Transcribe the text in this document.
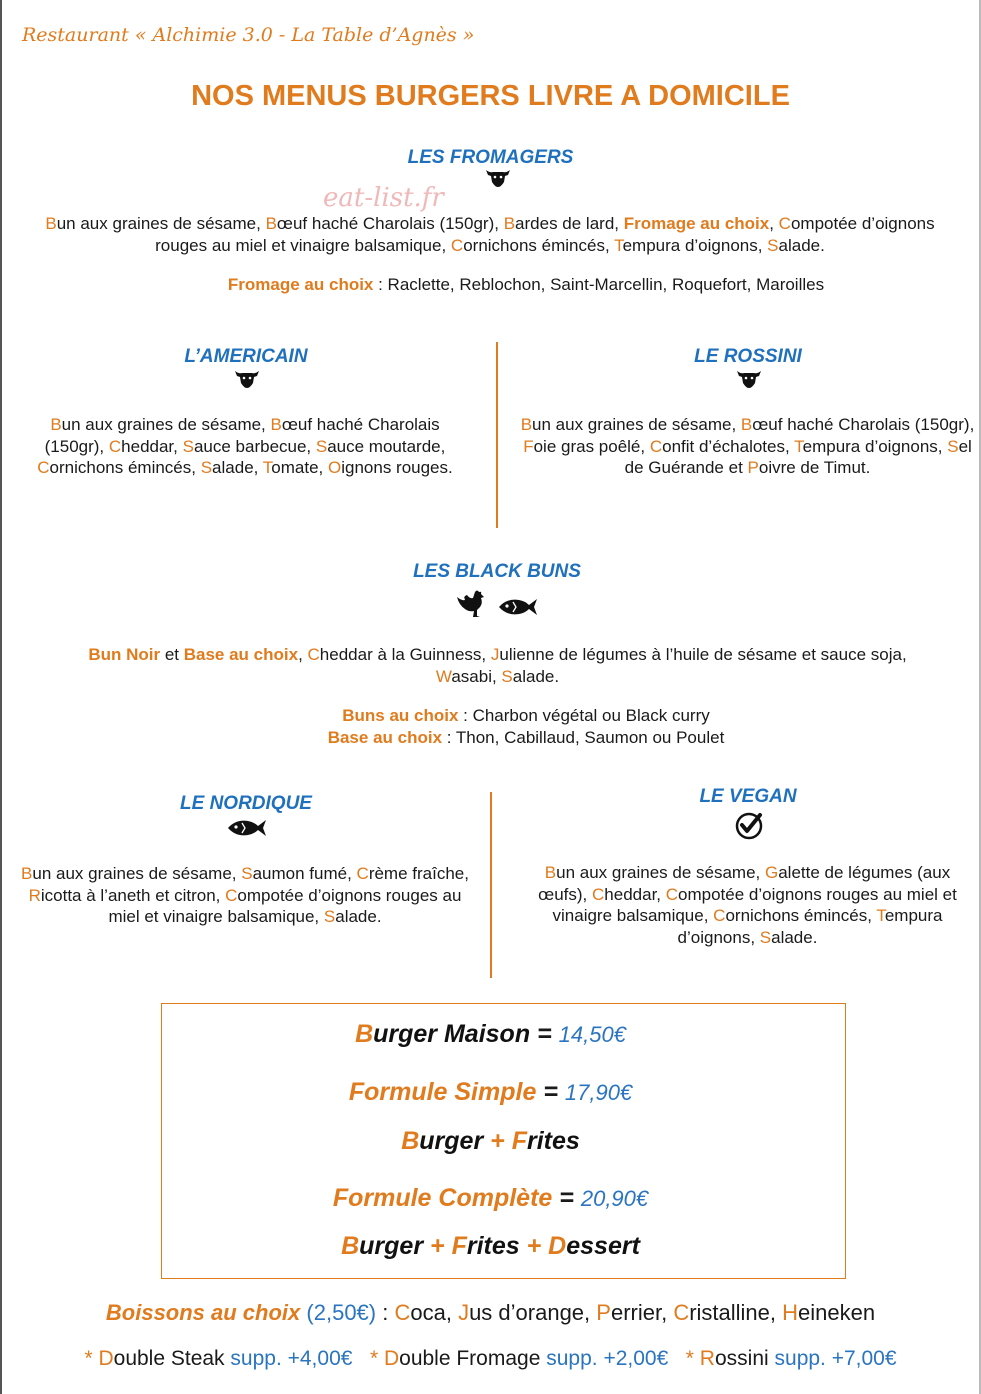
Restaurant « Alchimie 3.0 - La Table d’Agnès »
NOS MENUS BURGERS LIVRE A DOMICILE
LES FROMAGERS
eat-list.fr
Bun aux graines de sésame, Bœuf haché Charolais (150gr), Bardes de lard, Fromage au choix, Compotée d’oignons rouges au miel et vinaigre balsamique, Cornichons émincés, Tempura d’oignons, Salade.
Fromage au choix : Raclette, Reblochon, Saint-Marcellin, Roquefort, Maroilles
L’AMERICAIN
Bun aux graines de sésame, Bœuf haché Charolais (150gr), Cheddar, Sauce barbecue, Sauce moutarde, Cornichons émincés, Salade, Tomate, Oignons rouges.
LE ROSSINI
Bun aux graines de sésame, Bœuf haché Charolais (150gr), Foie gras poêlé, Confit d’échalotes, Tempura d’oignons, Sel de Guérande et Poivre de Timut.
LES BLACK BUNS
Bun Noir et Base au choix, Cheddar à la Guinness, Julienne de légumes à l’huile de sésame et sauce soja, Wasabi, Salade.
Buns au choix : Charbon végétal ou Black curry
Base au choix : Thon, Cabillaud, Saumon ou Poulet
LE NORDIQUE
Bun aux graines de sésame, Saumon fumé, Crème fraîche, Ricotta à l’aneth et citron, Compotée d’oignons rouges au miel et vinaigre balsamique, Salade.
LE VEGAN
Bun aux graines de sésame, Galette de légumes (aux œufs), Cheddar, Compotée d’oignons rouges au miel et vinaigre balsamique, Cornichons émincés, Tempura d’oignons, Salade.
Burger Maison = 14,50€
Formule Simple = 17,90€
Burger + Frites
Formule Complète = 20,90€
Burger + Frites + Dessert
Boissons au choix (2,50€) : Coca, Jus d’orange, Perrier, Cristalline, Heineken
* Double Steak supp. +4,00€ * Double Fromage supp. +2,00€ * Rossini supp. +7,00€
